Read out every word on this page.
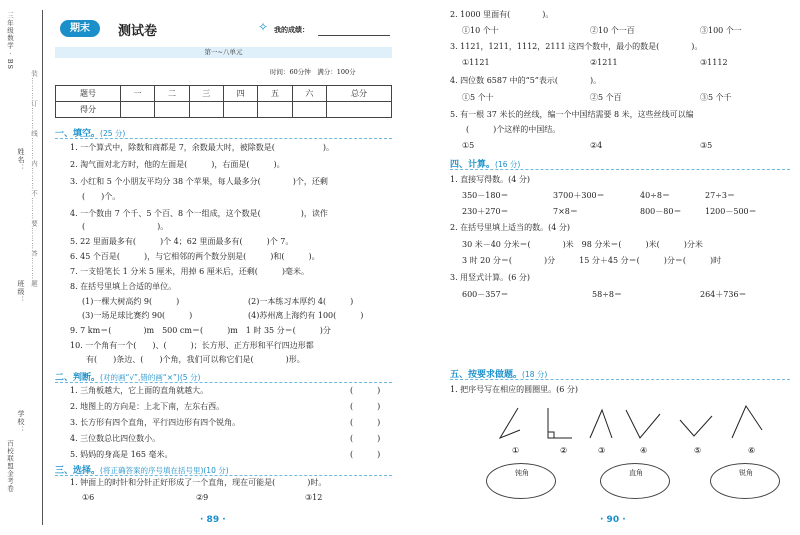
三年级数学 · BS
装………订………线………内………不………要………答………题
姓名：
班级：
学校：
百校联盟金考卷
期末	测试卷	✧ 我的成绩：
第一~八单元
时间：60分钟　满分：100分
题号	一	二	三	四	五	六	总分
得分							
一、填空。(25 分)
1. 一个算式中，除数和商都是 7，余数最大时，被除数是(　　　　　　)。
2. 淘气面对北方时，他的左面是(　　　)，右面是(　　　)。
3. 小红和 5 个小朋友平均分 38 个苹果，每人最多分(　　　　)个，还剩
(　　)个。
4. 一个数由 7 个千、5 个百、8 个一组成，这个数是(　　　　　)，读作
(　　　　　　　　　)。
5. 22 里面最多有(　　　)个 4；62 里面最多有(　　　)个 7。
6. 45 个百是(　　　)，与它相邻的两个数分别是(　　　)和(　　　)。
7. 一支铅笔长 1 分米 5 厘米，用掉 6 厘米后，还剩(　　　)毫米。
8. 在括号里填上合适的单位。
(1)一棵大树高约 9(　　　)	(2)一本练习本厚约 4(　　　)
(3)一场足球比赛约 90(　　　)	(4)苏州离上海约有 100(　　　)
9. 7 km＝(　　　　)m　500 cm＝(　　　)m　1 时 35 分＝(　　　)分
10. 一个角有一个(　　)、(　　　)；长方形、正方形和平行四边形都
有(　　)条边、(　　)个角，我们可以称它们是(　　　　)形。
二、判断。(对的画“√”,错的画“×”)(5 分)
1. 三角板越大，它上面的直角就越大。	(　　　)
2. 地图上的方向是：上北下南，左东右西。	(　　　)
3. 长方形有四个直角，平行四边形有四个锐角。	(　　　)
4. 三位数总比四位数小。	(　　　)
5. 妈妈的身高是 165 毫米。	(　　　)
三、选择。(将正确答案的序号填在括号里)(10 分)
1. 钟面上的时针和分针正好形成了一个直角，现在可能是(　　　　)时。
①6	②9	③12
· 89 ·
2. 1000 里面有(　　　　)。
①10 个十	②10 个一百	③100 个一
3. 1121，1211，1112，2111 这四个数中，最小的数是(　　　　)。
①1121	②1211	③1112
4. 四位数 6587 中的“5”表示(　　　　)。
①5 个十	②5 个百	③5 个千
5. 有一根 37 米长的丝线，编一个中国结需要 8 米，这些丝线可以编
(　　　)个这样的中国结。
①5	②4	③5
四、计算。(16 分)
1. 直接写得数。(4 分)
350－180＝	3700＋300＝	40÷8＝	27÷3＝
230＋270＝	7×8＝	800－80＝	1200－500＝
2. 在括号里填上适当的数。(4 分)
30 米－40 分米＝(　　　　)米　98 分米＝(　　　)米(　　　)分米
3 时 20 分＝(　　　　)分　　　15 分＋45 分＝(　　　)分＝(　　　)时
3. 用竖式计算。(6 分)
600－357＝	58÷8＝	264＋736＝
五、按要求做题。(18 分)
1. 把序号写在相应的圆圈里。(6 分)
①	②	③	④	⑤	⑥
钝角	直角	锐角
· 90 ·
